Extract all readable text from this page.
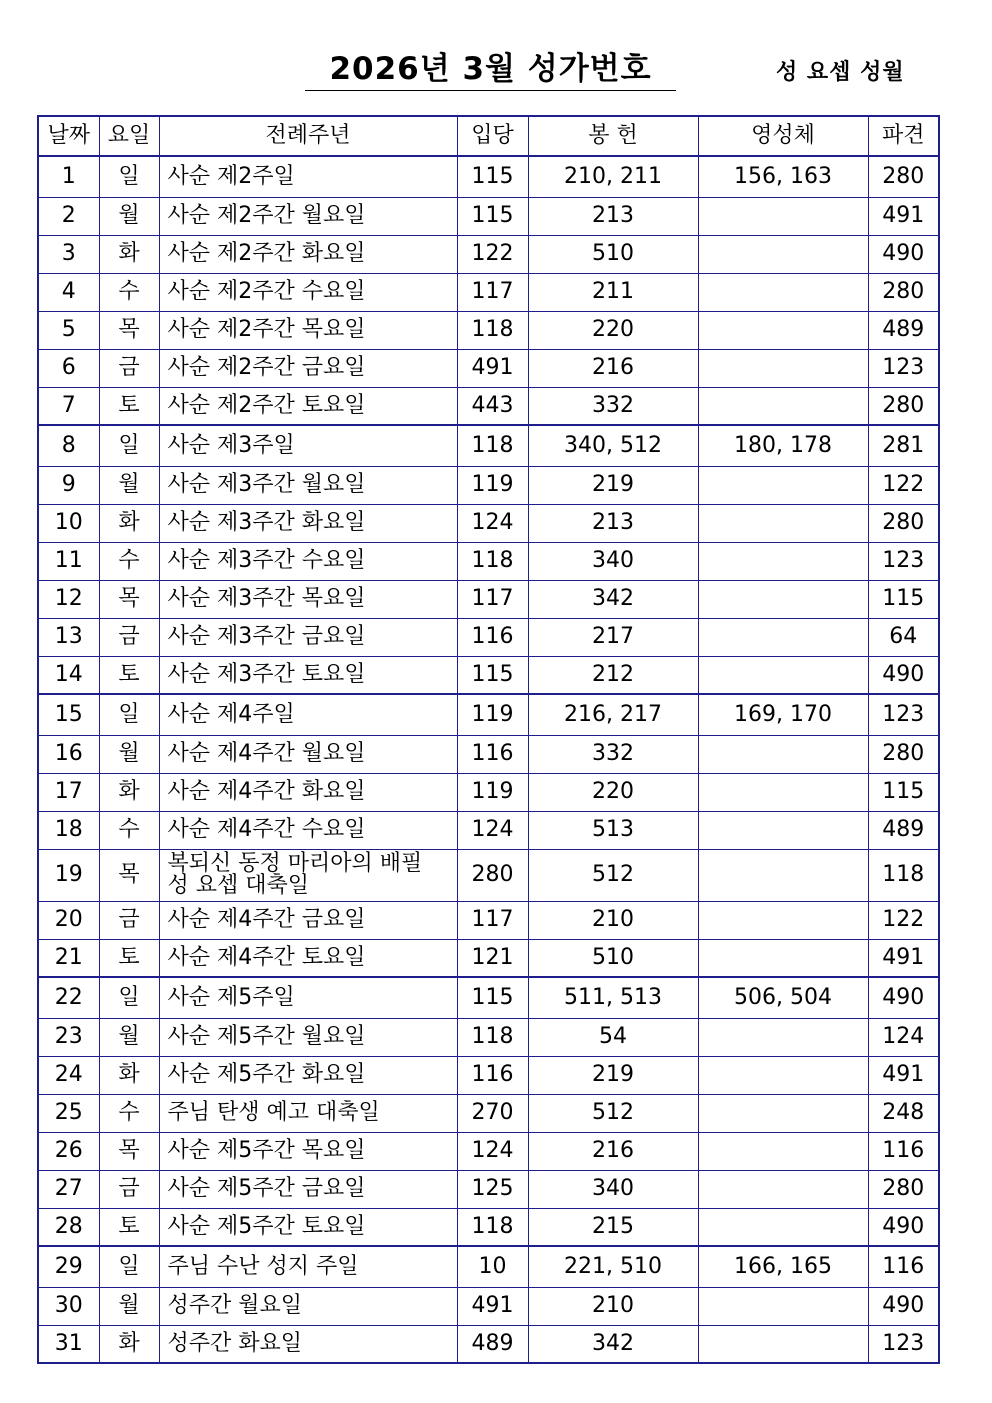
2026년 3월 성가번호	성 요셉 성월
날짜	요일	전례주년	입당	봉 헌	영성체	파견
1	일	사순 제2주일	115	210, 211	156, 163	280
2	월	사순 제2주간 월요일	115	213		491
3	화	사순 제2주간 화요일	122	510		490
4	수	사순 제2주간 수요일	117	211		280
5	목	사순 제2주간 목요일	118	220		489
6	금	사순 제2주간 금요일	491	216		123
7	토	사순 제2주간 토요일	443	332		280
8	일	사순 제3주일	118	340, 512	180, 178	281
9	월	사순 제3주간 월요일	119	219		122
10	화	사순 제3주간 화요일	124	213		280
11	수	사순 제3주간 수요일	118	340		123
12	목	사순 제3주간 목요일	117	342		115
13	금	사순 제3주간 금요일	116	217		64
14	토	사순 제3주간 토요일	115	212		490
15	일	사순 제4주일	119	216, 217	169, 170	123
16	월	사순 제4주간 월요일	116	332		280
17	화	사순 제4주간 화요일	119	220		115
18	수	사순 제4주간 수요일	124	513		489
19	목	복되신 동정 마리아의 배필
성 요셉 대축일	280	512		118
20	금	사순 제4주간 금요일	117	210		122
21	토	사순 제4주간 토요일	121	510		491
22	일	사순 제5주일	115	511, 513	506, 504	490
23	월	사순 제5주간 월요일	118	54		124
24	화	사순 제5주간 화요일	116	219		491
25	수	주님 탄생 예고 대축일	270	512		248
26	목	사순 제5주간 목요일	124	216		116
27	금	사순 제5주간 금요일	125	340		280
28	토	사순 제5주간 토요일	118	215		490
29	일	주님 수난 성지 주일	10	221, 510	166, 165	116
30	월	성주간 월요일	491	210		490
31	화	성주간 화요일	489	342		123
